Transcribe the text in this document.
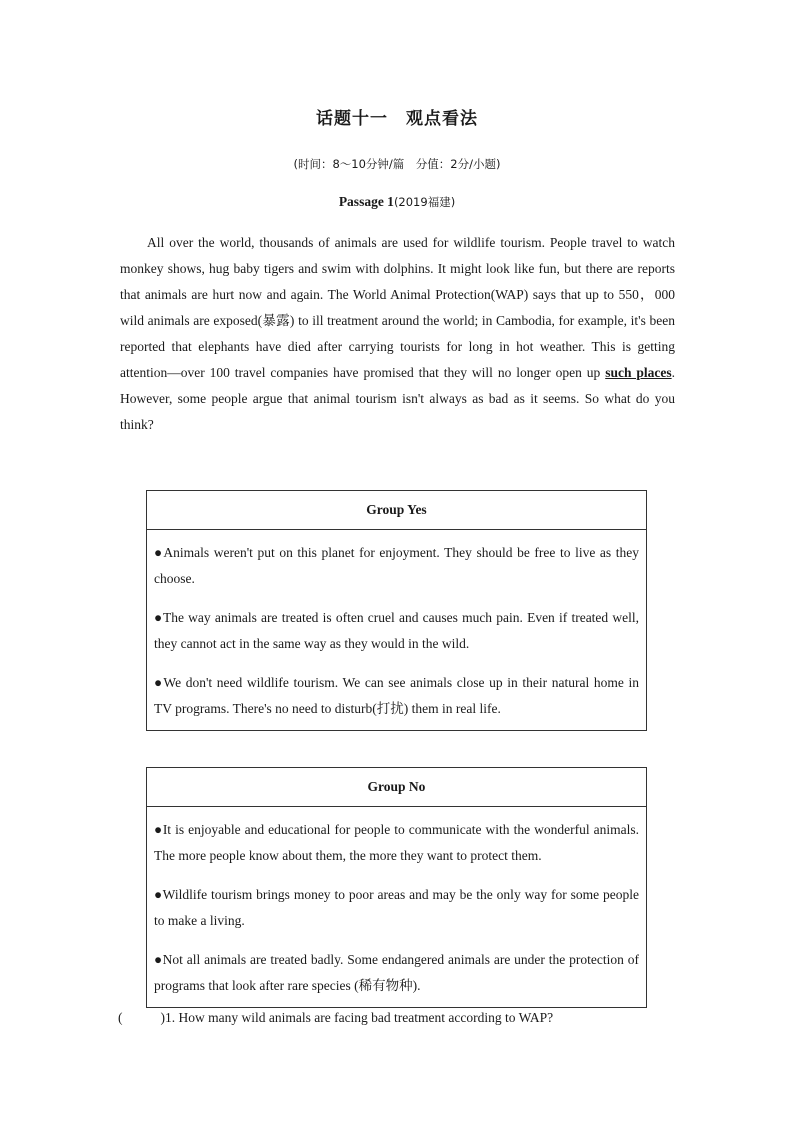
话题十一　观点看法
(时间：8～10分钟/篇　分值：2分/小题)
Passage 1(2019福建)
All over the world, thousands of animals are used for wildlife tourism. People travel to watch monkey shows, hug baby tigers and swim with dolphins. It might look like fun, but there are reports that animals are hurt now and again. The World Animal Protection(WAP) says that up to 550，000 wild animals are exposed(暴露) to ill treatment around the world; in Cambodia, for example, it's been reported that elephants have died after carrying tourists for long in hot weather. This is getting attention—over 100 travel companies have promised that they will no longer open up such places. However, some people argue that animal tourism isn't always as bad as it seems. So what do you think?
Group Yes

●Animals weren't put on this planet for enjoyment. They should be free to live as they choose.

●The way animals are treated is often cruel and causes much pain. Even if treated well, they cannot act in the same way as they would in the wild.

●We don't need wildlife tourism. We can see animals close up in their natural home in TV programs. There's no need to disturb(打扰) them in real life.

Group No

●It is enjoyable and educational for people to communicate with the wonderful animals. The more people know about them, the more they want to protect them.

●Wildlife tourism brings money to poor areas and may be the only way for some people to make a living.

●Not all animals are treated badly. Some endangered animals are under the protection of programs that look after rare species (稀有物种).

(	)1. How many wild animals are facing bad treatment according to WAP?
